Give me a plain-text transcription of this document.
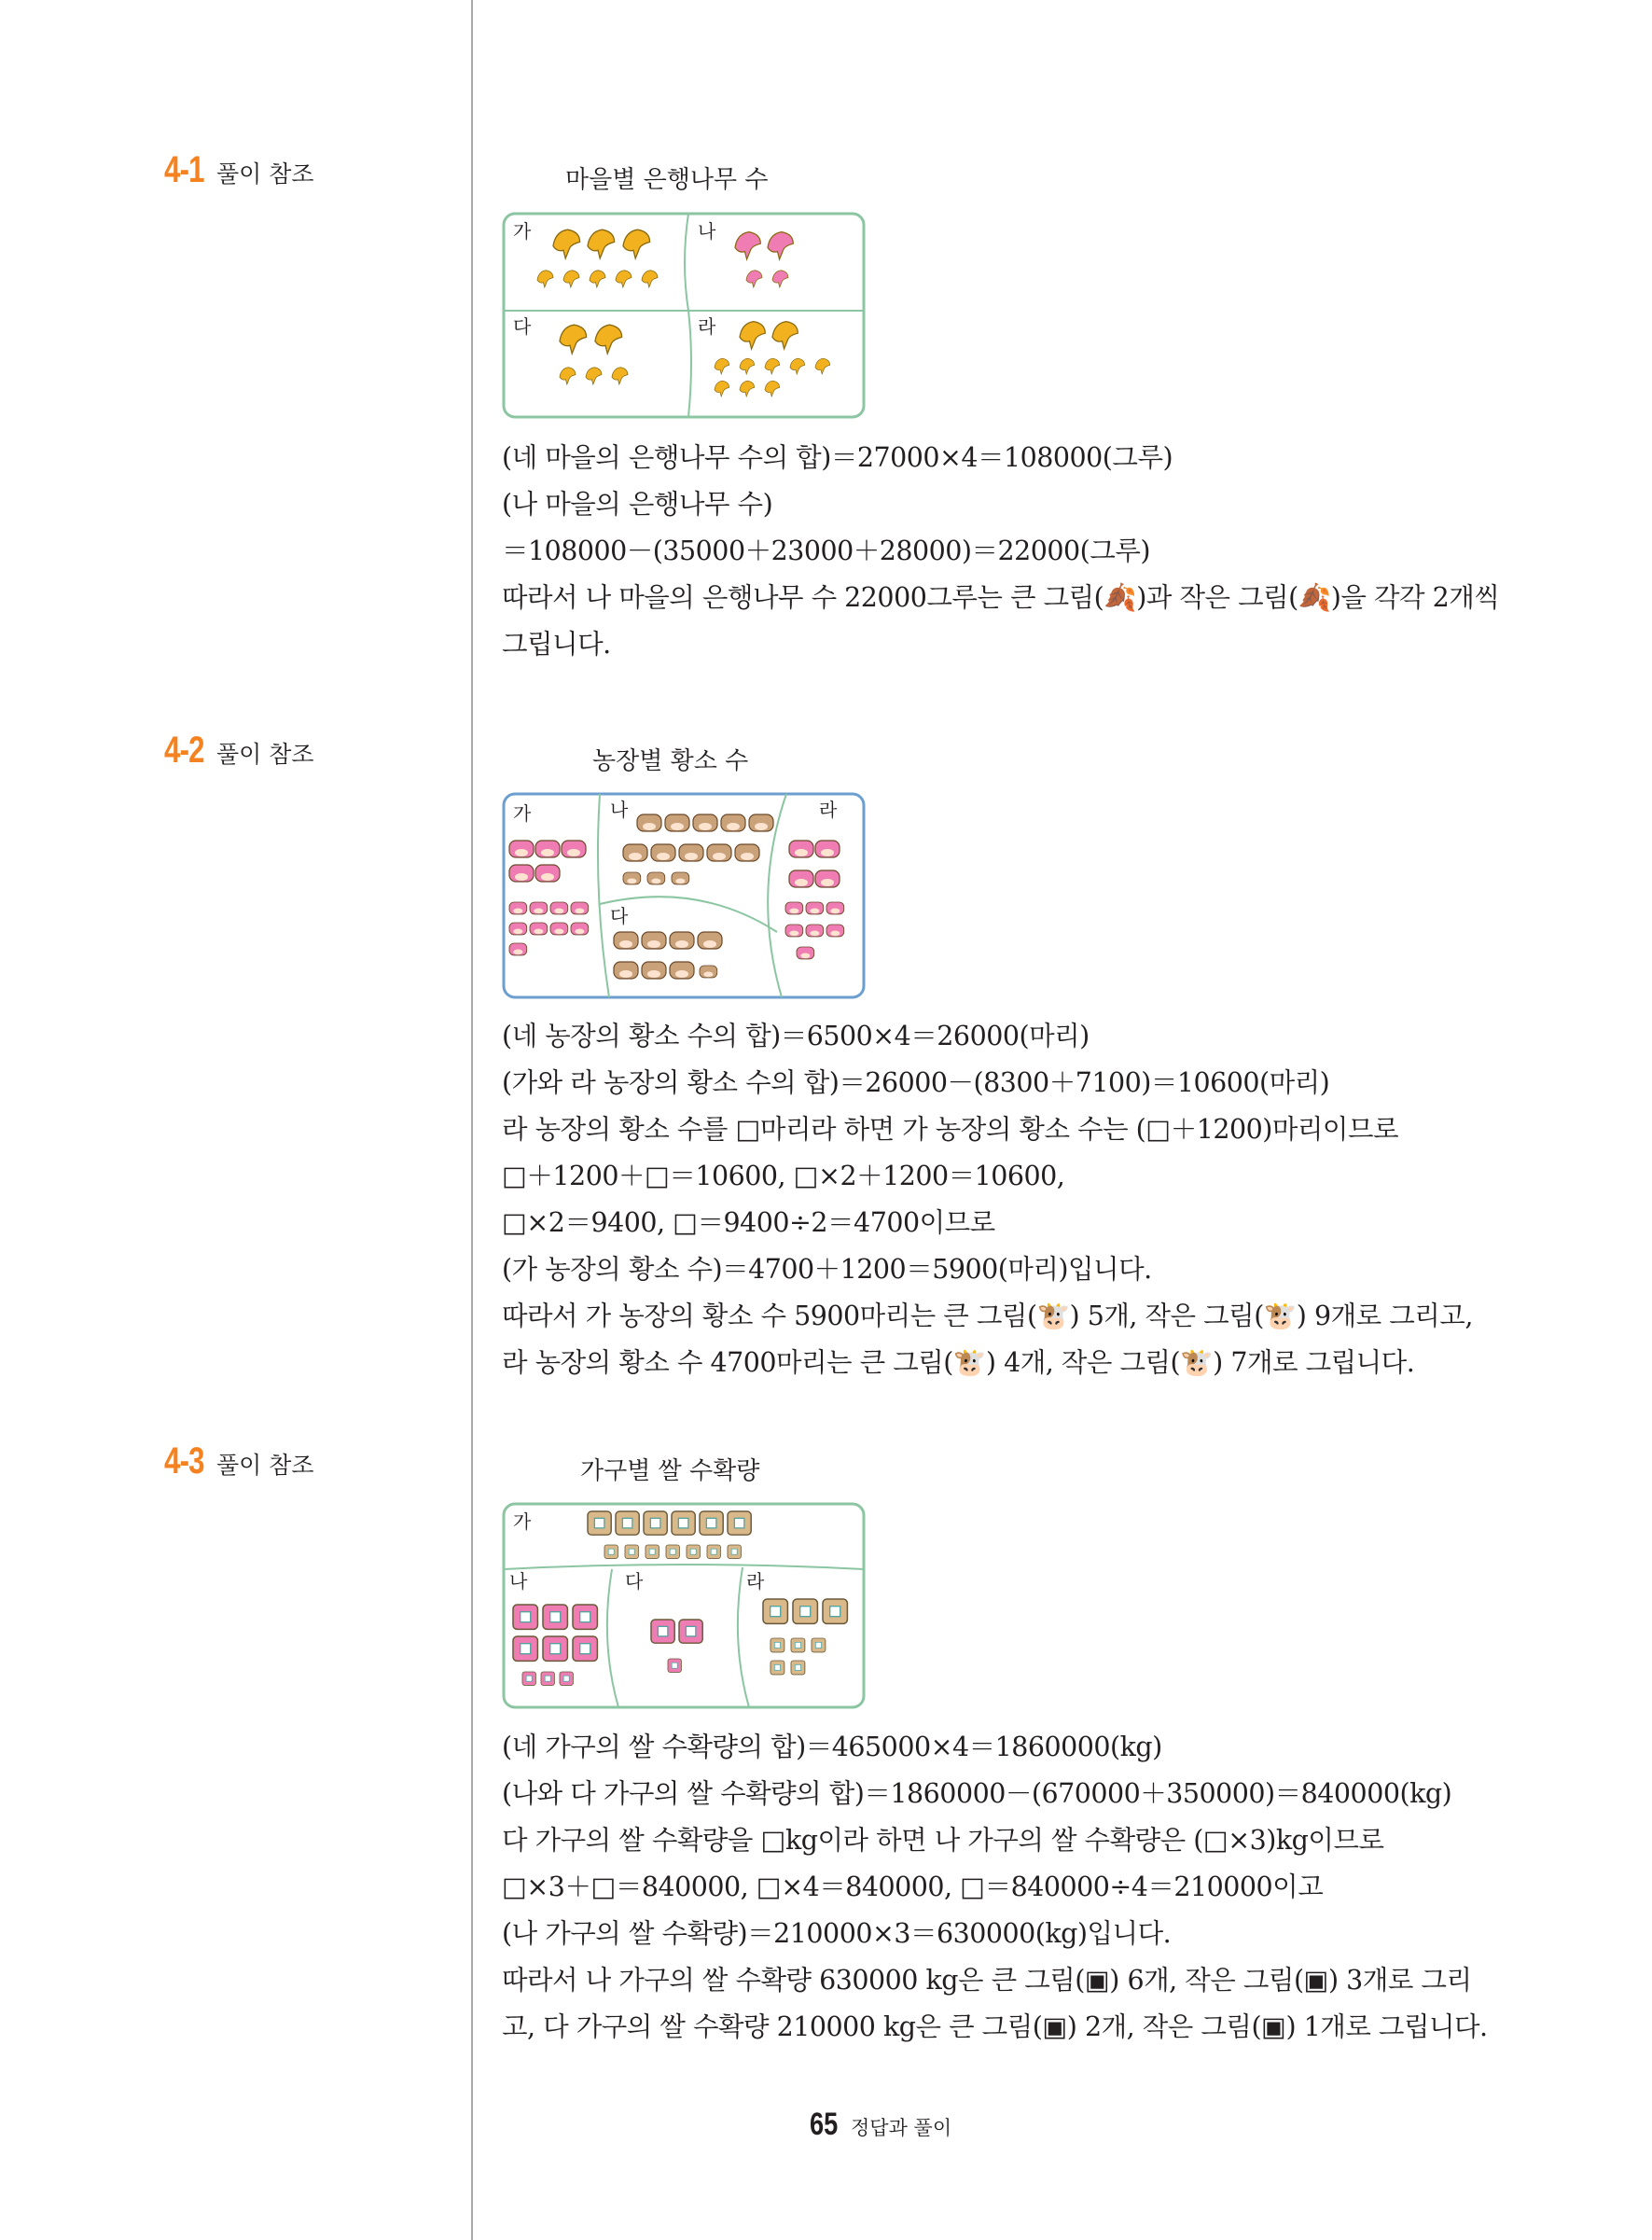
4-1 풀이 참조	마을별 은행나무 수
가	나
다	라
(네 마을의 은행나무 수의 합)＝27000×4＝108000(그루)
(나 마을의 은행나무 수)
＝108000－(35000＋23000＋28000)＝22000(그루)
따라서 나 마을의 은행나무 수 22000그루는 큰 그림(🍂)과 작은 그림(🍂)을 각각 2개씩
그립니다.
4-2 풀이 참조	농장별 황소 수
가	나
다
라
(네 농장의 황소 수의 합)＝6500×4＝26000(마리)
(가와 라 농장의 황소 수의 합)＝26000－(8300＋7100)＝10600(마리)
라 농장의 황소 수를 □마리라 하면 가 농장의 황소 수는 (□＋1200)마리이므로
□＋1200＋□＝10600, □×2＋1200＝10600,
□×2＝9400, □＝9400÷2＝4700이므로
(가 농장의 황소 수)＝4700＋1200＝5900(마리)입니다.
따라서 가 농장의 황소 수 5900마리는 큰 그림(🐮) 5개, 작은 그림(🐮) 9개로 그리고,
라 농장의 황소 수 4700마리는 큰 그림(🐮) 4개, 작은 그림(🐮) 7개로 그립니다.
4-3 풀이 참조	가구별 쌀 수확량
가
나	다	라
(네 가구의 쌀 수확량의 합)＝465000×4＝1860000(kg)
(나와 다 가구의 쌀 수확량의 합)＝1860000－(670000＋350000)＝840000(kg)
다 가구의 쌀 수확량을 □kg이라 하면 나 가구의 쌀 수확량은 (□×3)kg이므로
□×3＋□＝840000, □×4＝840000, □＝840000÷4＝210000이고
(나 가구의 쌀 수확량)＝210000×3＝630000(kg)입니다.
따라서 나 가구의 쌀 수확량 630000 kg은 큰 그림(▣) 6개, 작은 그림(▣) 3개로 그리
고, 다 가구의 쌀 수확량 210000 kg은 큰 그림(▣) 2개, 작은 그림(▣) 1개로 그립니다.
65 정답과 풀이
